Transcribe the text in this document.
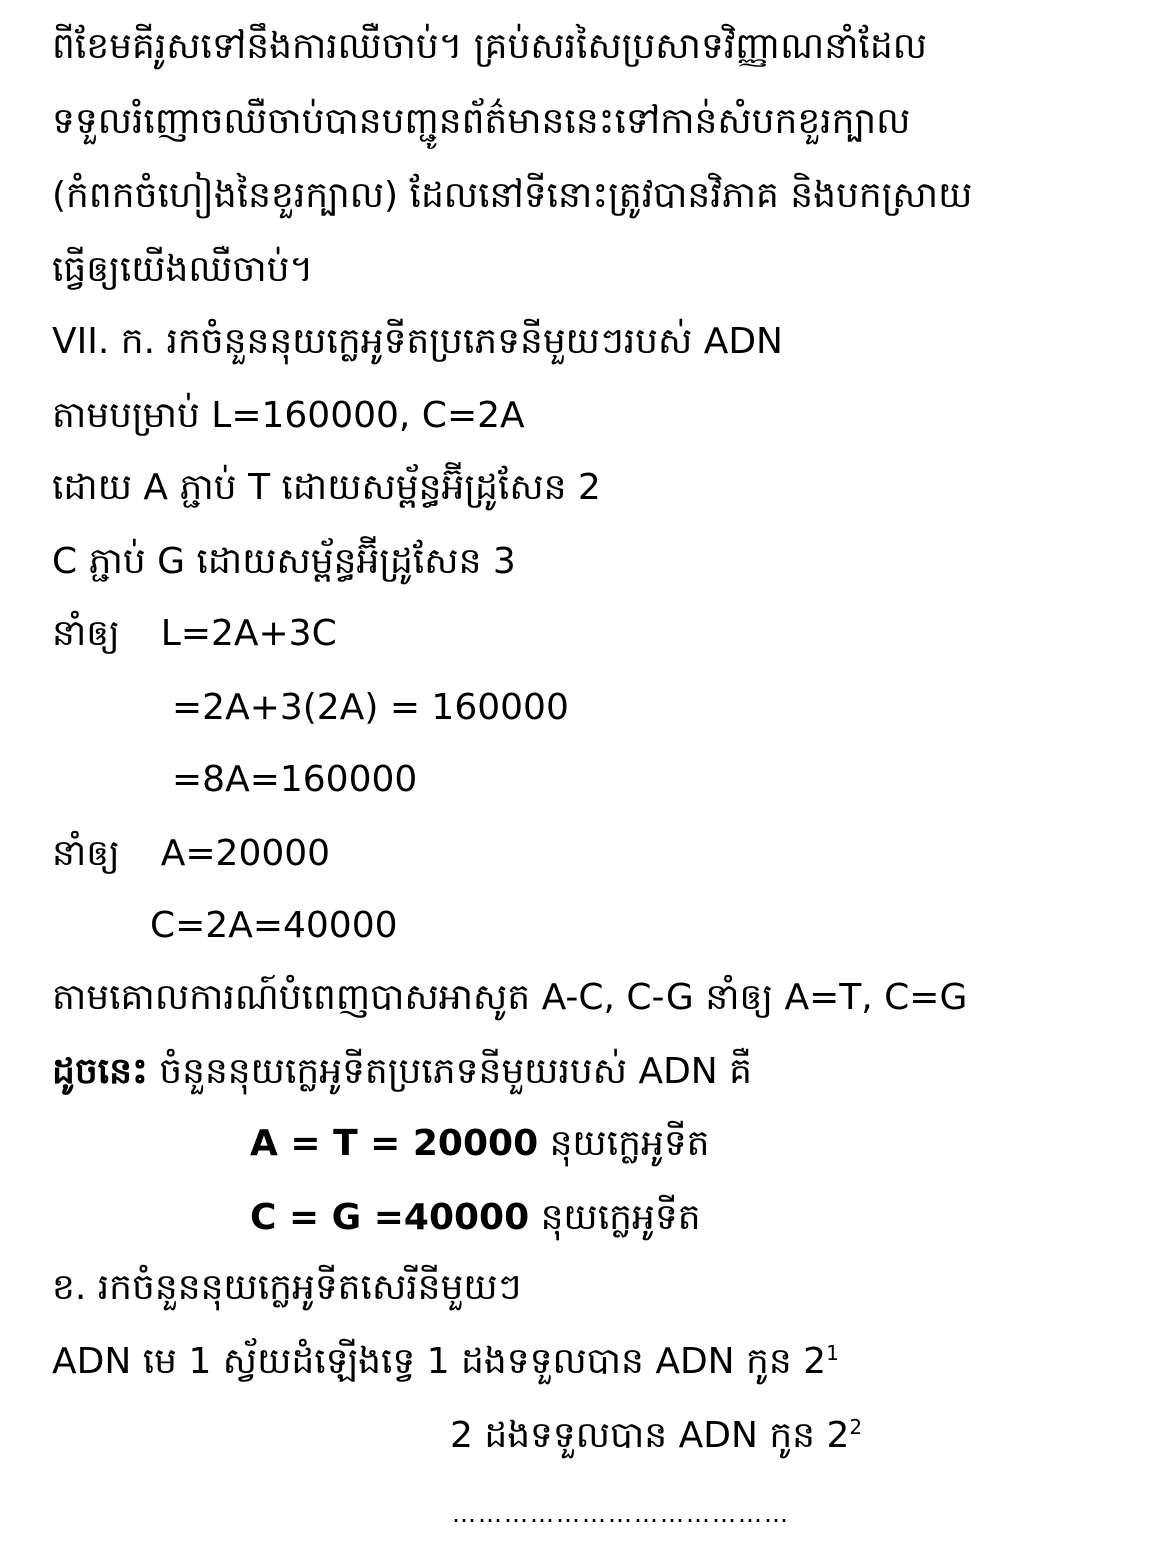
ពីខែមគីរូសទៅនឹងការឈឺចាប់។ គ្រប់សរសៃប្រសាទវិញ្ញាណនាំដែល
ទទួលរំញោចឈឺចាប់បានបញ្ជូនព័ត៌មាននេះទៅកាន់សំបកខួរក្បាល
(កំពកចំហៀងនៃខួរក្បាល) ដែលនៅទីនោះត្រូវបានវិភាគ និងបកស្រាយ
ធ្វើឲ្យយើងឈឺចាប់។
VII. ក. រកចំនួននុយក្លេអូទីតប្រភេទនីមួយៗរបស់ ADN
តាមបម្រាប់ L=160000, C=2A
ដោយ A ភ្ជាប់ T ដោយសម្ព័ន្ធអ៊ីដ្រូសែន 2
C ភ្ជាប់ G ដោយសម្ព័ន្ធអ៊ីដ្រូសែន 3
នាំឲ្យ L=2A+3C
=2A+3(2A) = 160000
=8A=160000
នាំឲ្យ A=20000
C=2A=40000
តាមគោលការណ៍បំពេញបាសអាសូត A-C, C-G នាំឲ្យ A=T, C=G
ដូចនេះ ចំនួននុយក្លេអូទីតប្រភេទនីមួយរបស់ ADN គឺ
A = T = 20000 នុយក្លេអូទីត
C = G =40000 នុយក្លេអូទីត
ខ. រកចំនួននុយក្លេអូទីតសេរីនីមួយៗ
ADN មេ 1 ស្វ័យដំឡើងទ្វេ 1 ដងទទួលបាន ADN កូន $2^1$
2 ដងទទួលបាន ADN កូន $2^2$
…………………………………
